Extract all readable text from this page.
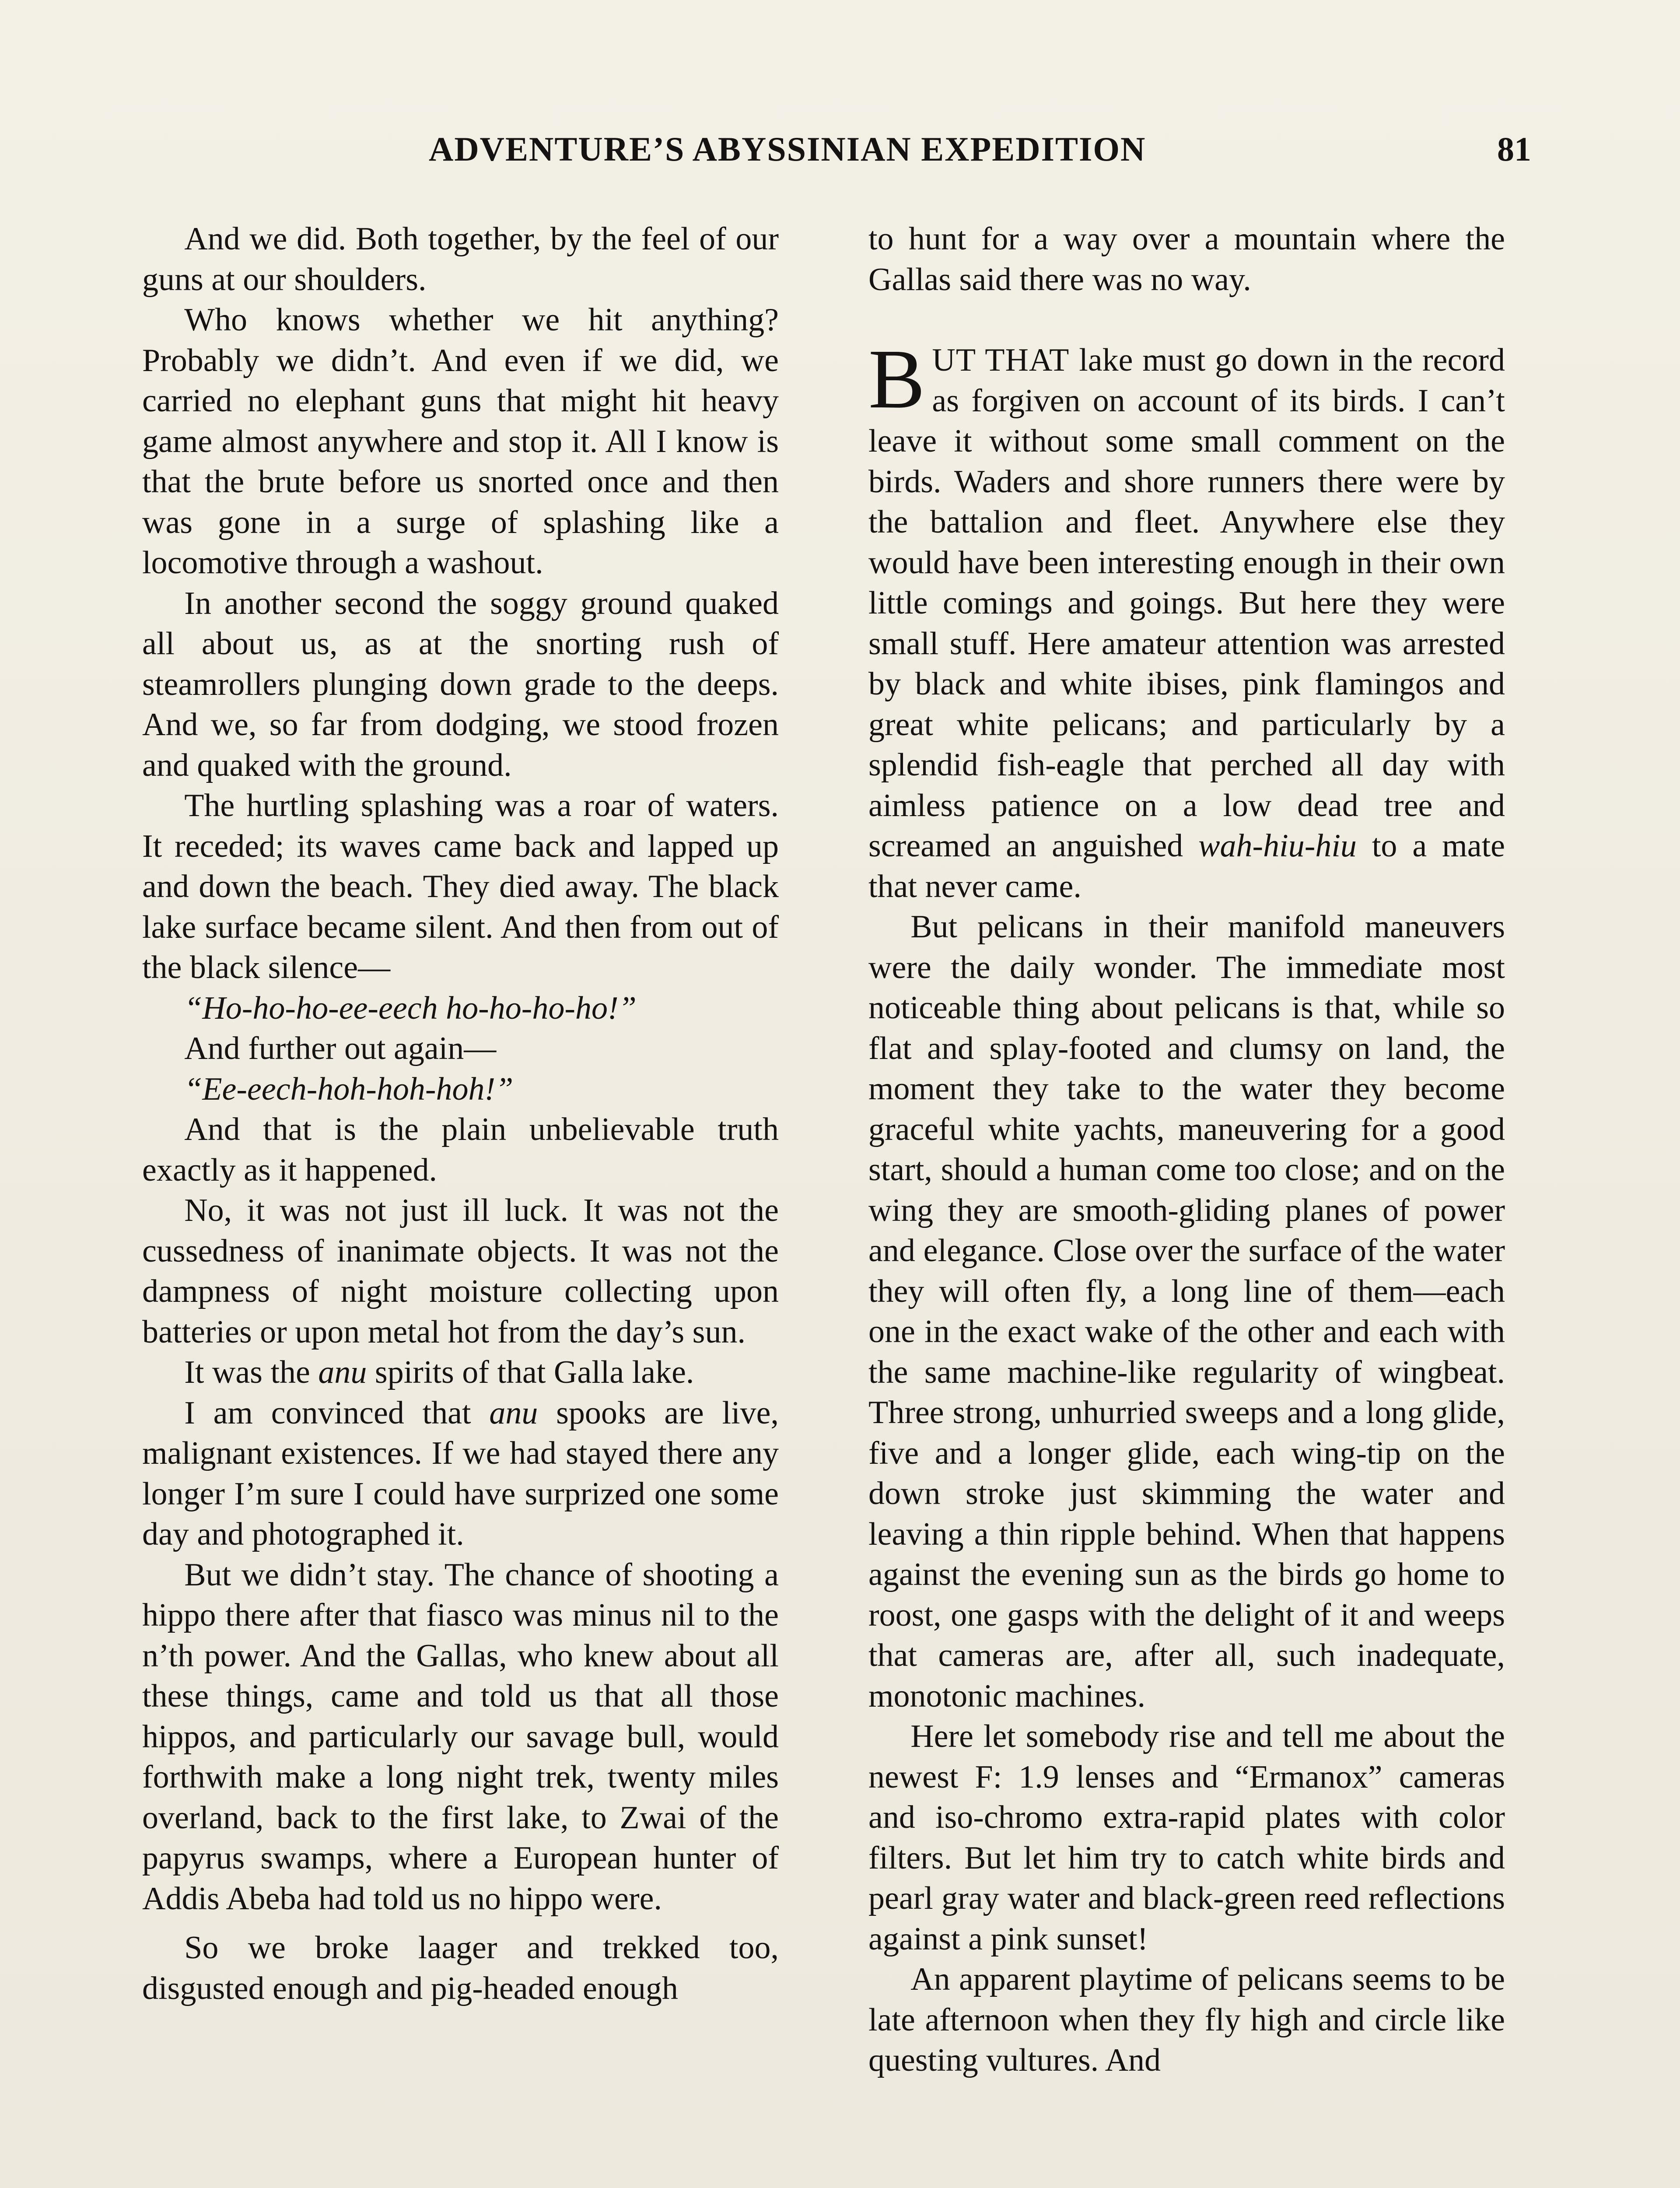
ADVENTURE’S ABYSSINIAN EXPEDITION	81

And we did. Both together, by the feel of our guns at our shoulders.

Who knows whether we hit anything? Probably we didn’t. And even if we did, we carried no elephant guns that might hit heavy game almost anywhere and stop it. All I know is that the brute before us snorted once and then was gone in a surge of splashing like a locomotive through a washout.

In another second the soggy ground quaked all about us, as at the snorting rush of steamrollers plunging down grade to the deeps. And we, so far from dodging, we stood frozen and quaked with the ground.

The hurtling splashing was a roar of waters. It receded; its waves came back and lapped up and down the beach. They died away. The black lake surface became silent. And then from out of the black silence—

“Ho-ho-ho-ee-eech ho-ho-ho-ho!”

And further out again—

“Ee-eech-hoh-hoh-hoh!”

And that is the plain unbelievable truth exactly as it happened.

No, it was not just ill luck. It was not the cussedness of inanimate objects. It was not the dampness of night moisture collecting upon batteries or upon metal hot from the day’s sun.

It was the anu spirits of that Galla lake.

I am convinced that anu spooks are live, malignant existences. If we had stayed there any longer I’m sure I could have surprized one some day and photographed it.

But we didn’t stay. The chance of shooting a hippo there after that fiasco was minus nil to the n’th power. And the Gallas, who knew about all these things, came and told us that all those hippos, and particularly our savage bull, would forthwith make a long night trek, twenty miles overland, back to the first lake, to Zwai of the papyrus swamps, where a European hunter of Addis Abeba had told us no hippo were.

So we broke laager and trekked too, disgusted enough and pig-headed enough

to hunt for a way over a mountain where the Gallas said there was no way.

BUT THAT lake must go down in the record as forgiven on account of its birds. I can’t leave it without some small comment on the birds. Waders and shore runners there were by the battalion and fleet. Anywhere else they would have been interesting enough in their own little comings and goings. But here they were small stuff. Here amateur attention was arrested by black and white ibises, pink flamingos and great white pelicans; and particularly by a splendid fish-eagle that perched all day with aimless patience on a low dead tree and screamed an anguished wah-hiu-hiu to a mate that never came.

But pelicans in their manifold maneuvers were the daily wonder. The immediate most noticeable thing about pelicans is that, while so flat and splay-footed and clumsy on land, the moment they take to the water they become graceful white yachts, maneuvering for a good start, should a human come too close; and on the wing they are smooth-gliding planes of power and elegance. Close over the surface of the water they will often fly, a long line of them—each one in the exact wake of the other and each with the same machine-like regularity of wingbeat. Three strong, unhurried sweeps and a long glide, five and a longer glide, each wing-tip on the down stroke just skimming the water and leaving a thin ripple behind. When that happens against the evening sun as the birds go home to roost, one gasps with the delight of it and weeps that cameras are, after all, such inadequate, monotonic machines.

Here let somebody rise and tell me about the newest F: 1.9 lenses and “Ermanox” cameras and iso-chromo extra-rapid plates with color filters. But let him try to catch white birds and pearl gray water and black-green reed reflections against a pink sunset!

An apparent playtime of pelicans seems to be late afternoon when they fly high and circle like questing vultures. And
